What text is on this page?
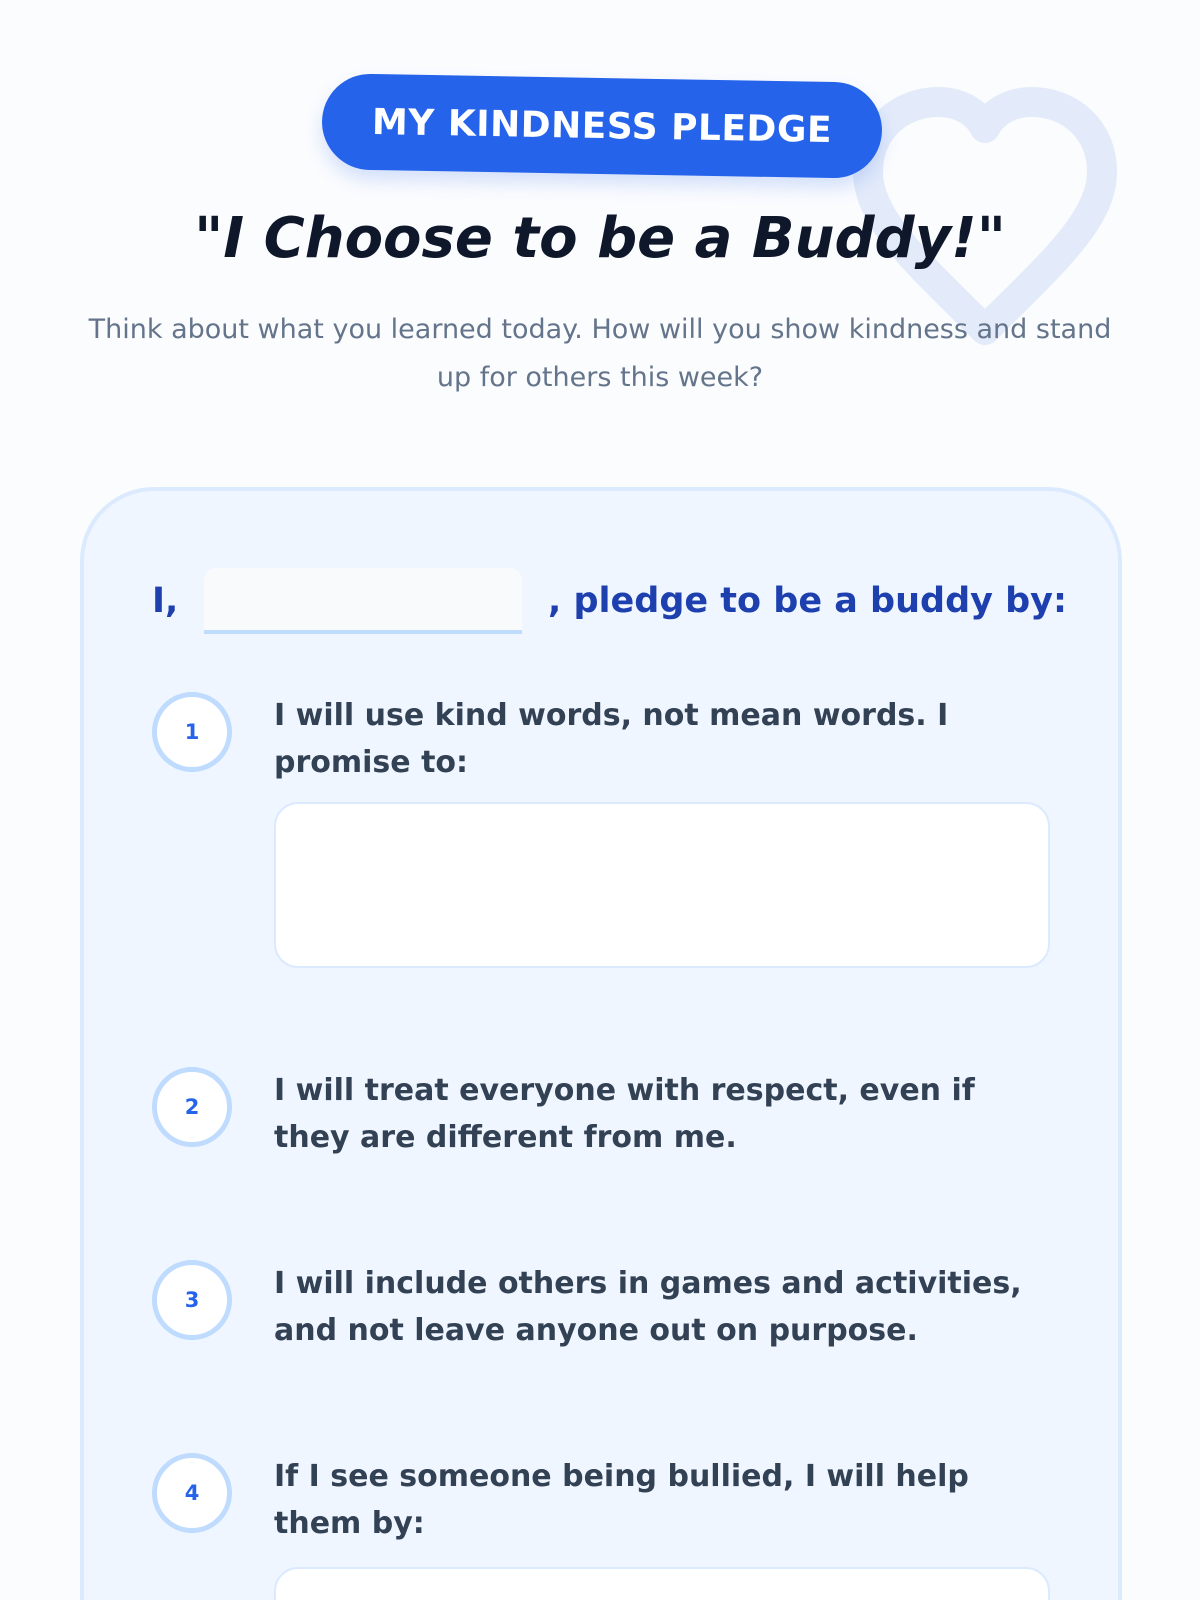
MY KINDNESS PLEDGE
"I Choose to be a Buddy!"

Think about what you learned today. How will you show kindness and stand up for others this week?

I,	, pledge to be a buddy by:
1	I will use kind words, not mean words. I promise to:
2	I will treat everyone with respect, even if they are different from me.
3	I will include others in games and activities, and not leave anyone out on purpose.
4	If I see someone being bullied, I will help them by:
